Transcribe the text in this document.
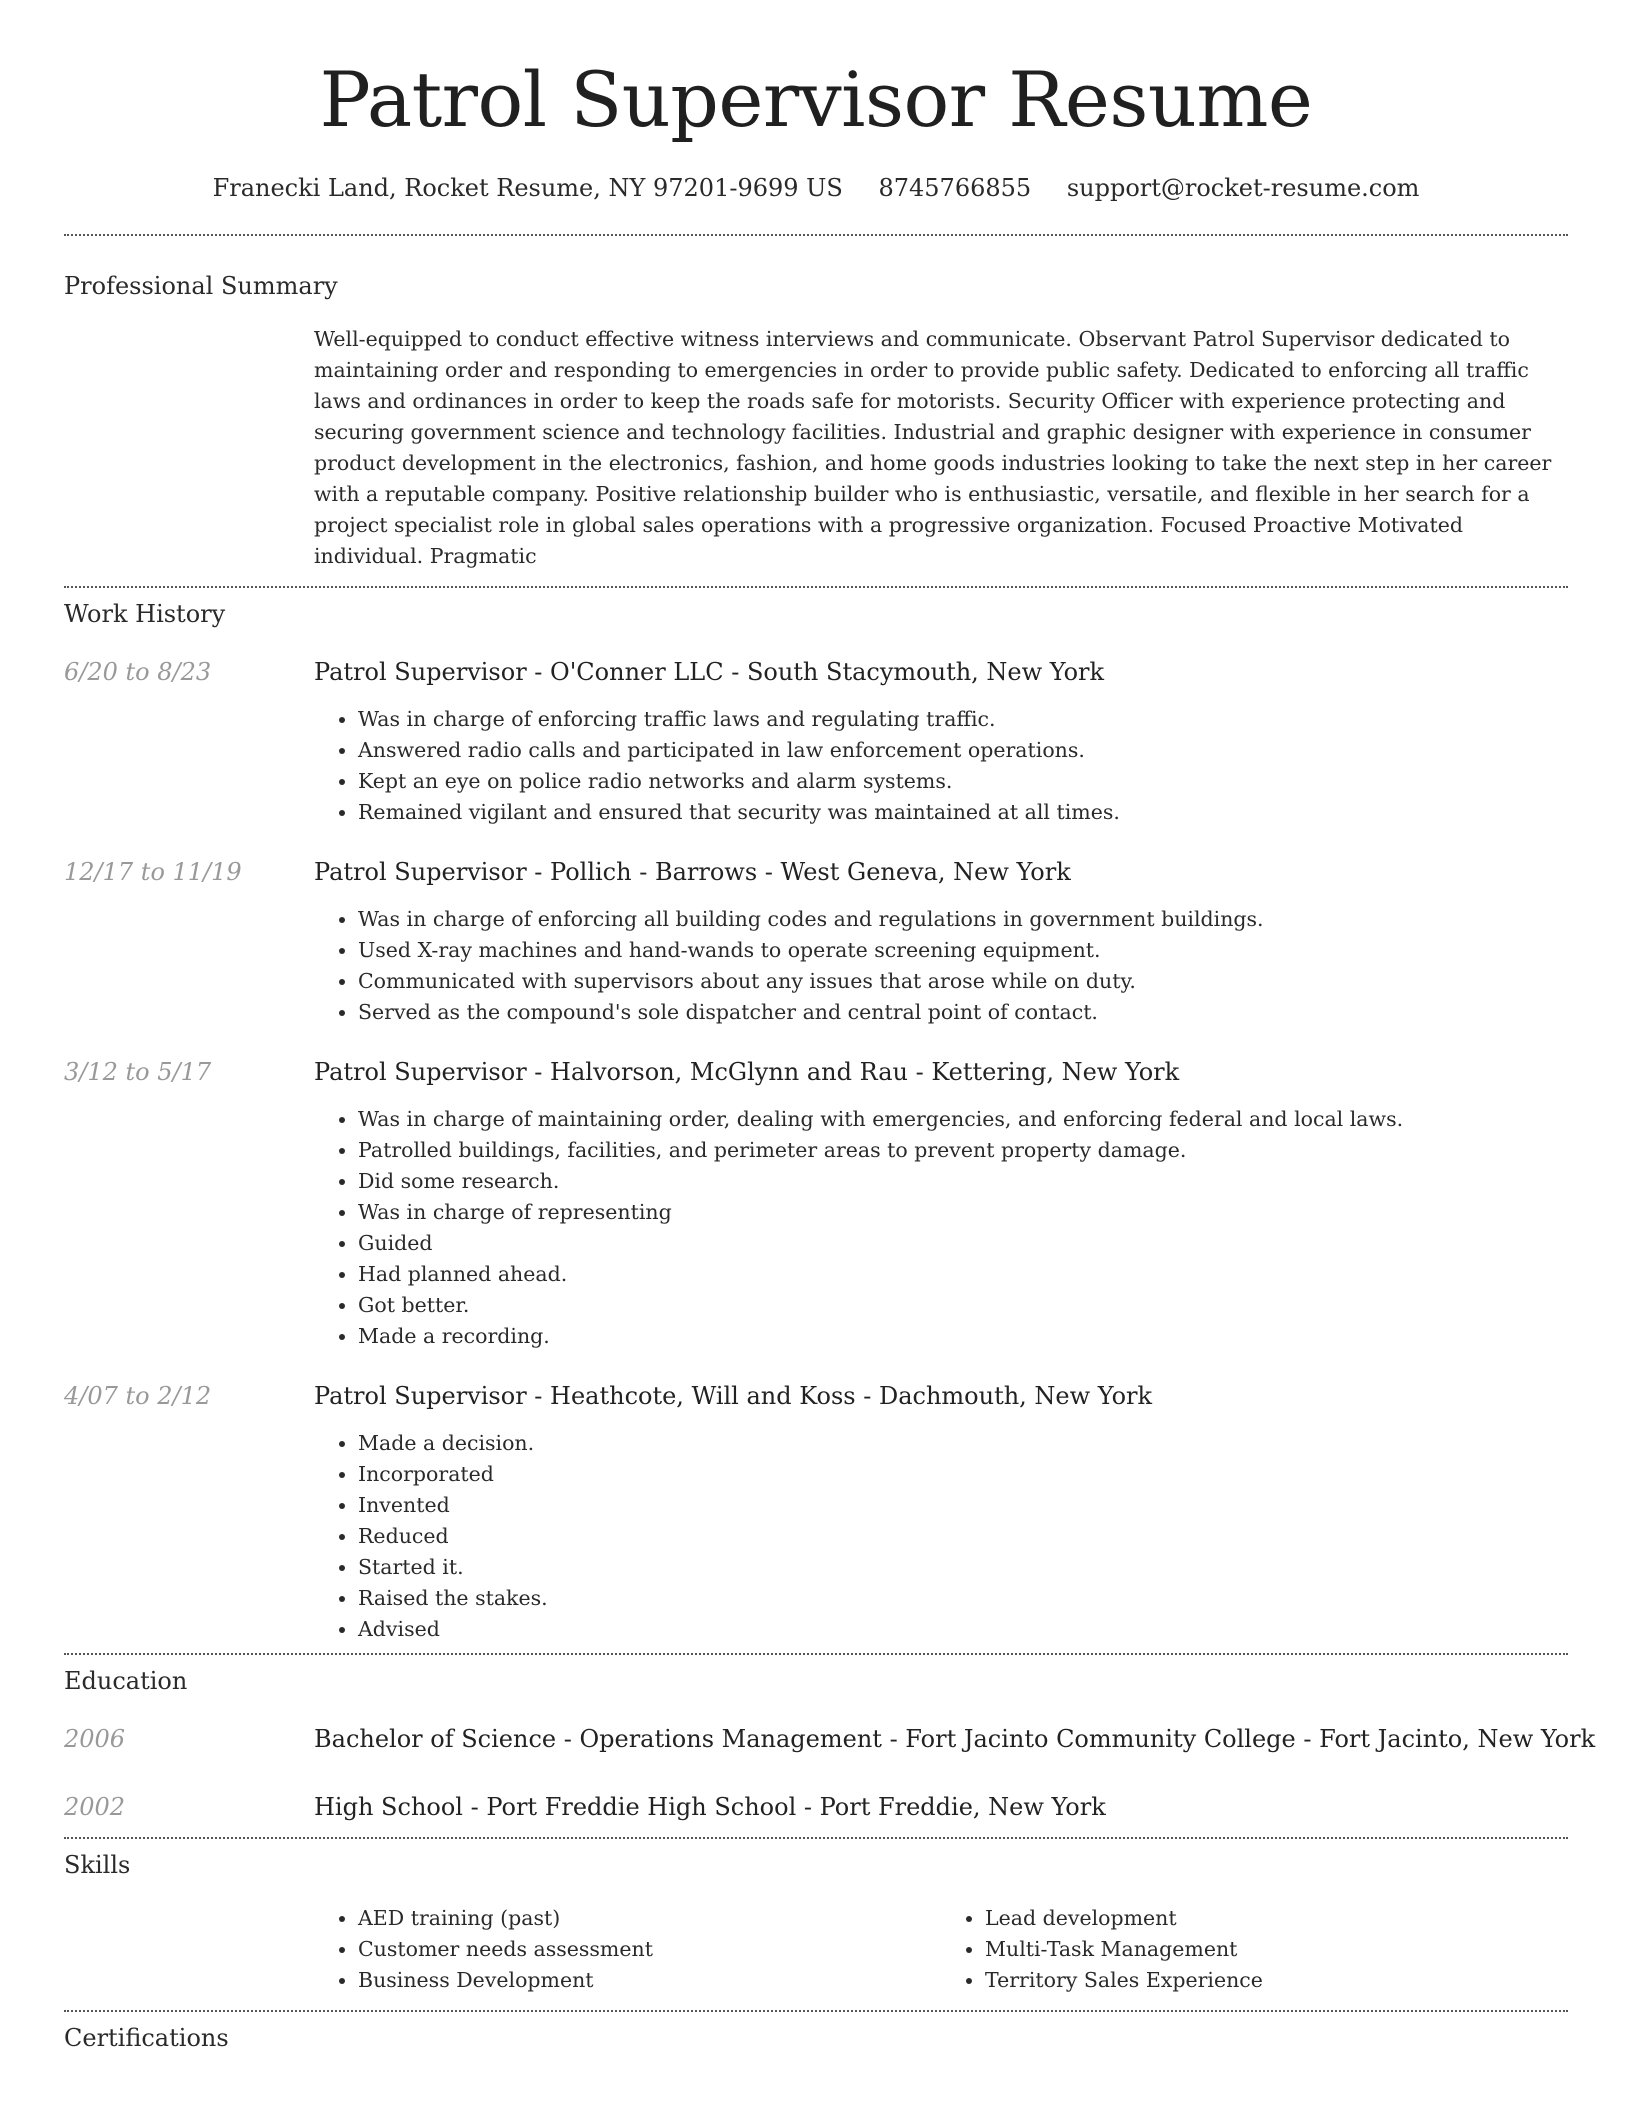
Patrol Supervisor Resume
Franecki Land, Rocket Resume, NY 97201-9699 US 8745766855 support@rocket-resume.com
Professional Summary
Well-equipped to conduct effective witness interviews and communicate. Observant Patrol Supervisor dedicated to maintaining order and responding to emergencies in order to provide public safety. Dedicated to enforcing all traffic laws and ordinances in order to keep the roads safe for motorists. Security Officer with experience protecting and securing government science and technology facilities. Industrial and graphic designer with experience in consumer product development in the electronics, fashion, and home goods industries looking to take the next step in her career with a reputable company. Positive relationship builder who is enthusiastic, versatile, and flexible in her search for a project specialist role in global sales operations with a progressive organization. Focused Proactive Motivated individual. Pragmatic
Work History
6/20 to 8/23	Patrol Supervisor - O'Conner LLC - South Stacymouth, New York
• Was in charge of enforcing traffic laws and regulating traffic.
• Answered radio calls and participated in law enforcement operations.
• Kept an eye on police radio networks and alarm systems.
• Remained vigilant and ensured that security was maintained at all times.
12/17 to 11/19	Patrol Supervisor - Pollich - Barrows - West Geneva, New York
• Was in charge of enforcing all building codes and regulations in government buildings.
• Used X-ray machines and hand-wands to operate screening equipment.
• Communicated with supervisors about any issues that arose while on duty.
• Served as the compound's sole dispatcher and central point of contact.
3/12 to 5/17	Patrol Supervisor - Halvorson, McGlynn and Rau - Kettering, New York
• Was in charge of maintaining order, dealing with emergencies, and enforcing federal and local laws.
• Patrolled buildings, facilities, and perimeter areas to prevent property damage.
• Did some research.
• Was in charge of representing
• Guided
• Had planned ahead.
• Got better.
• Made a recording.
4/07 to 2/12	Patrol Supervisor - Heathcote, Will and Koss - Dachmouth, New York
• Made a decision.
• Incorporated
• Invented
• Reduced
• Started it.
• Raised the stakes.
• Advised
Education
2006	Bachelor of Science - Operations Management - Fort Jacinto Community College - Fort Jacinto, New York
2002	High School - Port Freddie High School - Port Freddie, New York
Skills
• AED training (past)
• Customer needs assessment
• Business Development
• Lead development
• Multi-Task Management
• Territory Sales Experience
Certifications
